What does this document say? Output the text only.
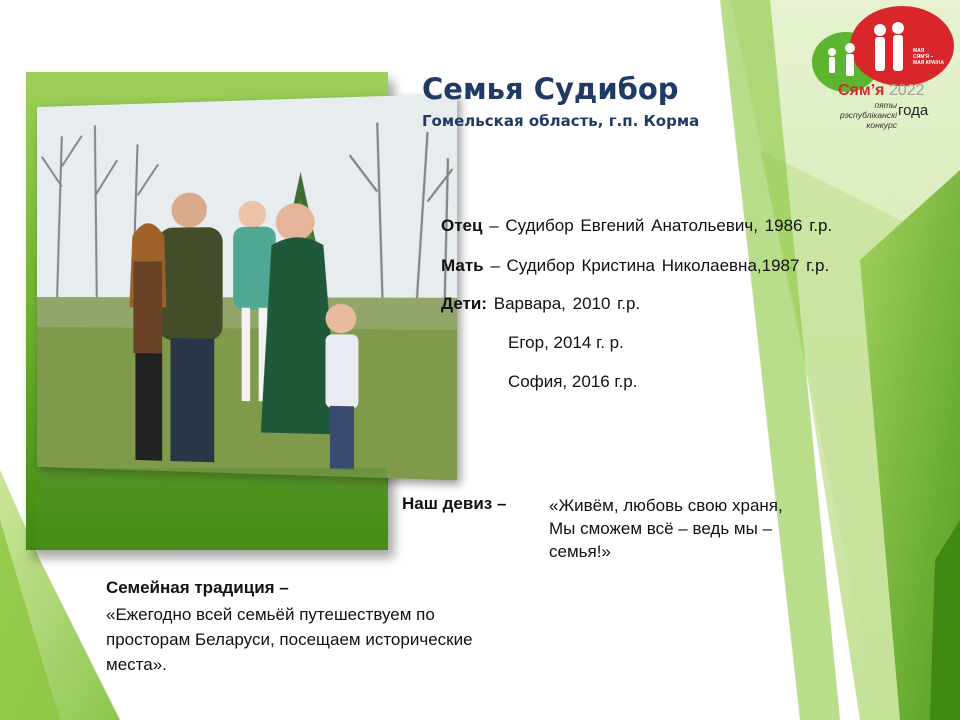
Семья Судибор
Гомельская область, г.п. Корма
Отец – Судибор Евгений Анатольевич, 1986 г.р.
Мать – Судибор Кристина Николаевна,1987 г.р.
Дети: Варвара, 2010 г.р.
Егор, 2014 г. р.
София, 2016 г.р.
Наш девиз –	«Живём, любовь свою храня,
Мы сможем всё – ведь мы –
семья!»
Семейная традиция –
«Ежегодно всей семьёй путешествуем по
просторам Беларуси, посещаем исторические
места».
МАЯ
СЯМ'Я –
МАЯ КРАІНА
Сям’я 2022
пяты
рэспубліканскі
конкурс
года
